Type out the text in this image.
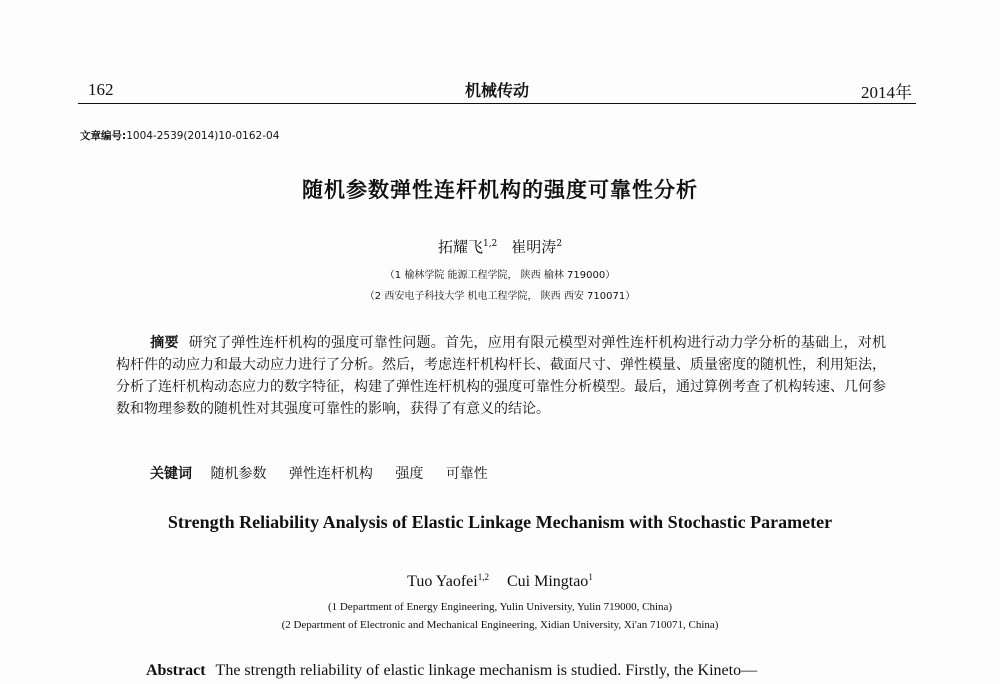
162	机械传动	2014年
文章编号:1004-2539(2014)10-0162-04
随机参数弹性连杆机构的强度可靠性分析
拓耀飞$^{1,2}$ 崔明涛$^2$
（1 榆林学院 能源工程学院， 陕西 榆林 719000）
（2 西安电子科技大学 机电工程学院， 陕西 西安 710071）
摘要 研究了弹性连杆机构的强度可靠性问题。首先，应用有限元模型对弹性连杆机构进行动力学分析的基础上，对机构杆件的动应力和最大动应力进行了分析。然后，考虑连杆机构杆长、截面尺寸、弹性模量、质量密度的随机性，利用矩法，分析了连杆机构动态应力的数字特征，构建了弹性连杆机构的强度可靠性分析模型。最后，通过算例考查了机构转速、几何参数和物理参数的随机性对其强度可靠性的影响，获得了有意义的结论。
关键词 随机参数 弹性连杆机构 强度 可靠性
Strength Reliability Analysis of Elastic Linkage Mechanism with Stochastic Parameter
Tuo Yaofei$^{1,2}$ Cui Mingtao$^1$
(1 Department of Energy Engineering, Yulin University, Yulin 719000, China)
(2 Department of Electronic and Mechanical Engineering, Xidian University, Xi'an 710071, China)
Abstract The strength reliability of elastic linkage mechanism is studied. Firstly, the Kineto—
